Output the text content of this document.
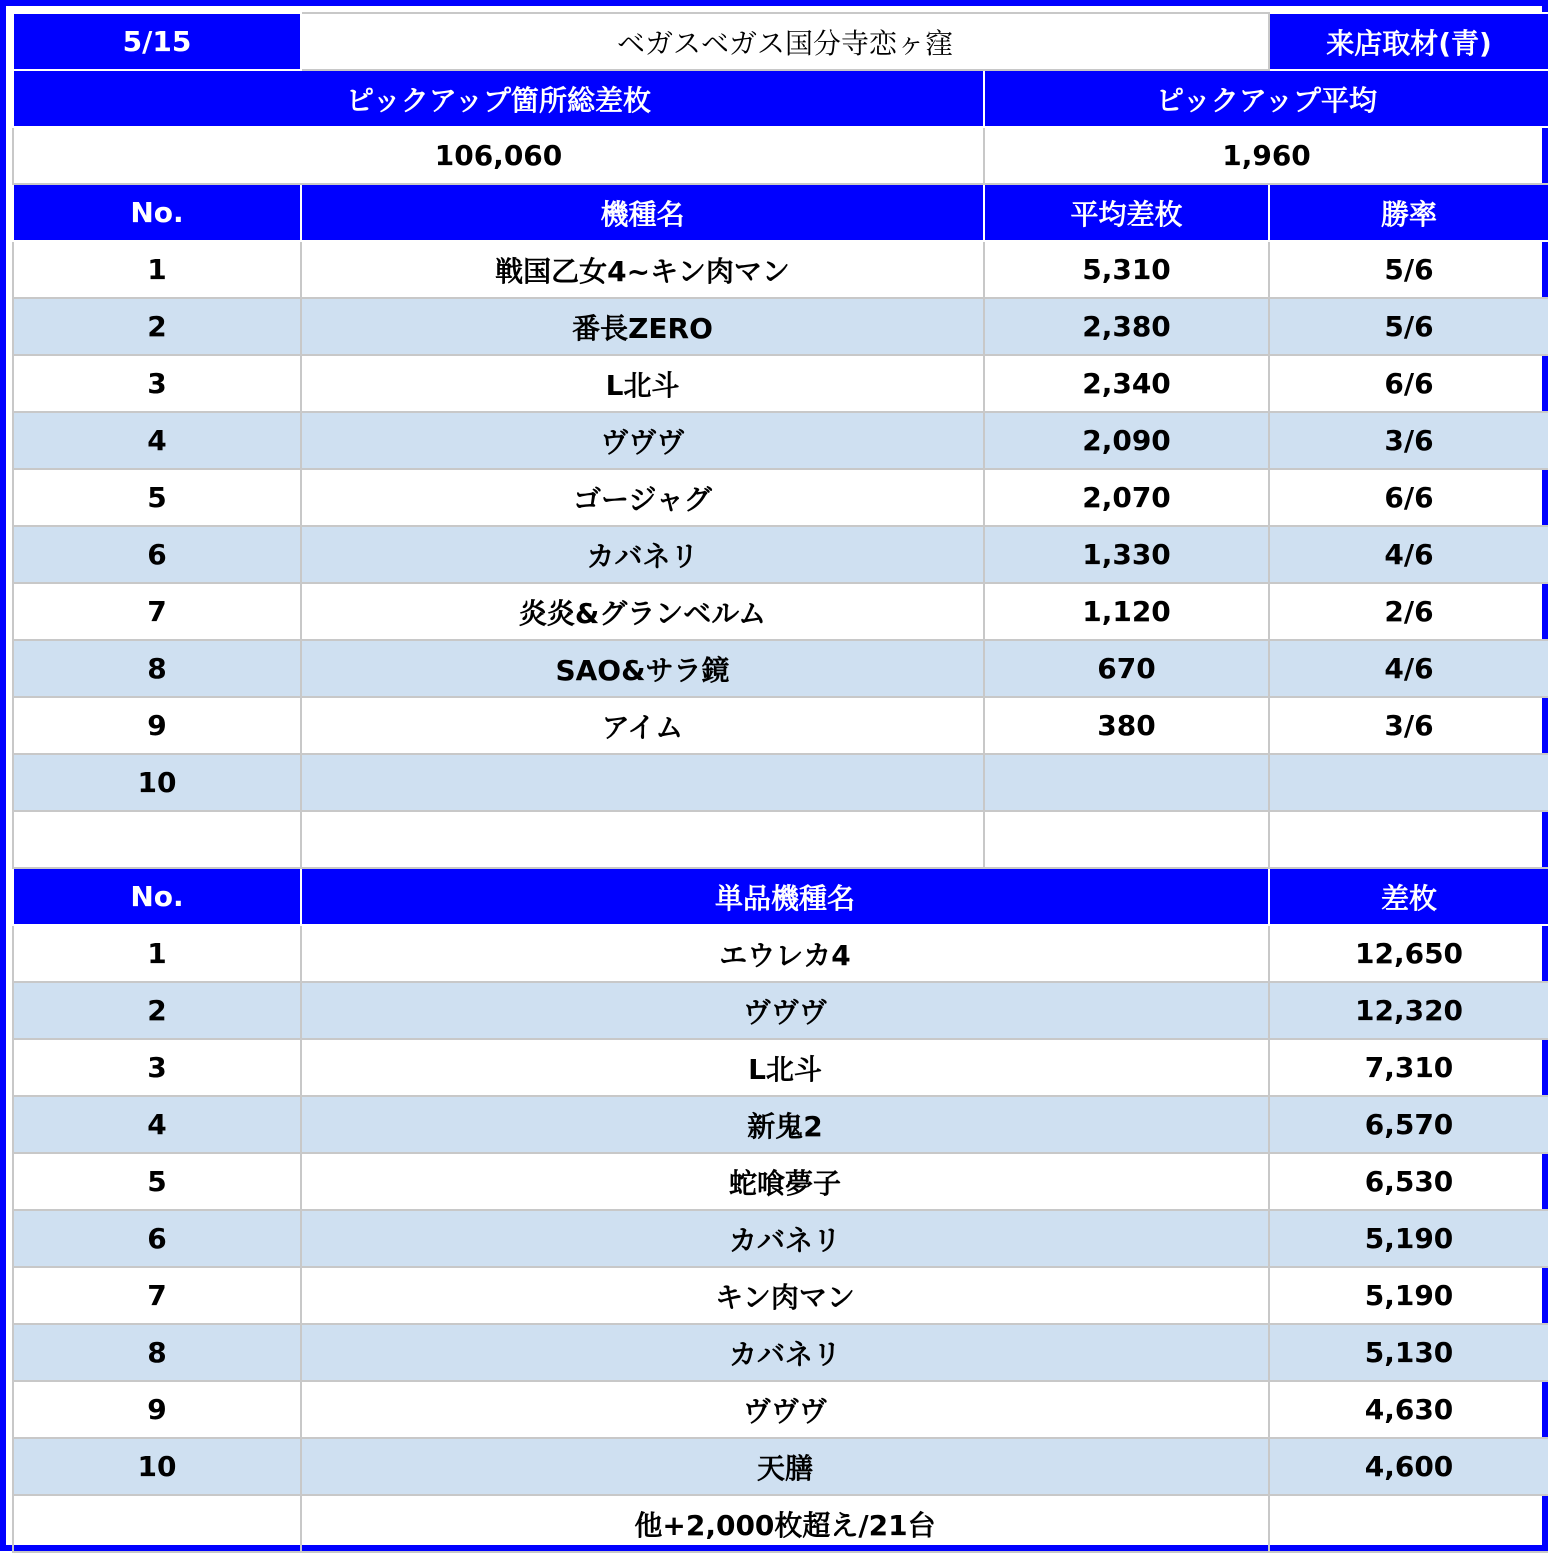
5/15	ベガスベガス国分寺恋ヶ窪		来店取材(青)
ピックアップ箇所総差枚		ピックアップ平均	
106,060		1,960	
No.	機種名	平均差枚	勝率
1	戦国乙女4~キン肉マン	5,310	5/6
2	番長ZERO	2,380	5/6
3	L北斗	2,340	6/6
4	ヴヴヴ	2,090	3/6
5	ゴージャグ	2,070	6/6
6	カバネリ	1,330	4/6
7	炎炎&グランベルム	1,120	2/6
8	SAO&サラ鏡	670	4/6
9	アイム	380	3/6
10			

No.	単品機種名		差枚
1	エウレカ4		12,650
2	ヴヴヴ		12,320
3	L北斗		7,310
4	新鬼2		6,570
5	蛇喰夢子		6,530
6	カバネリ		5,190
7	キン肉マン		5,190
8	カバネリ		5,130
9	ヴヴヴ		4,630
10	天膳		4,600
	他+2,000枚超え/21台		
